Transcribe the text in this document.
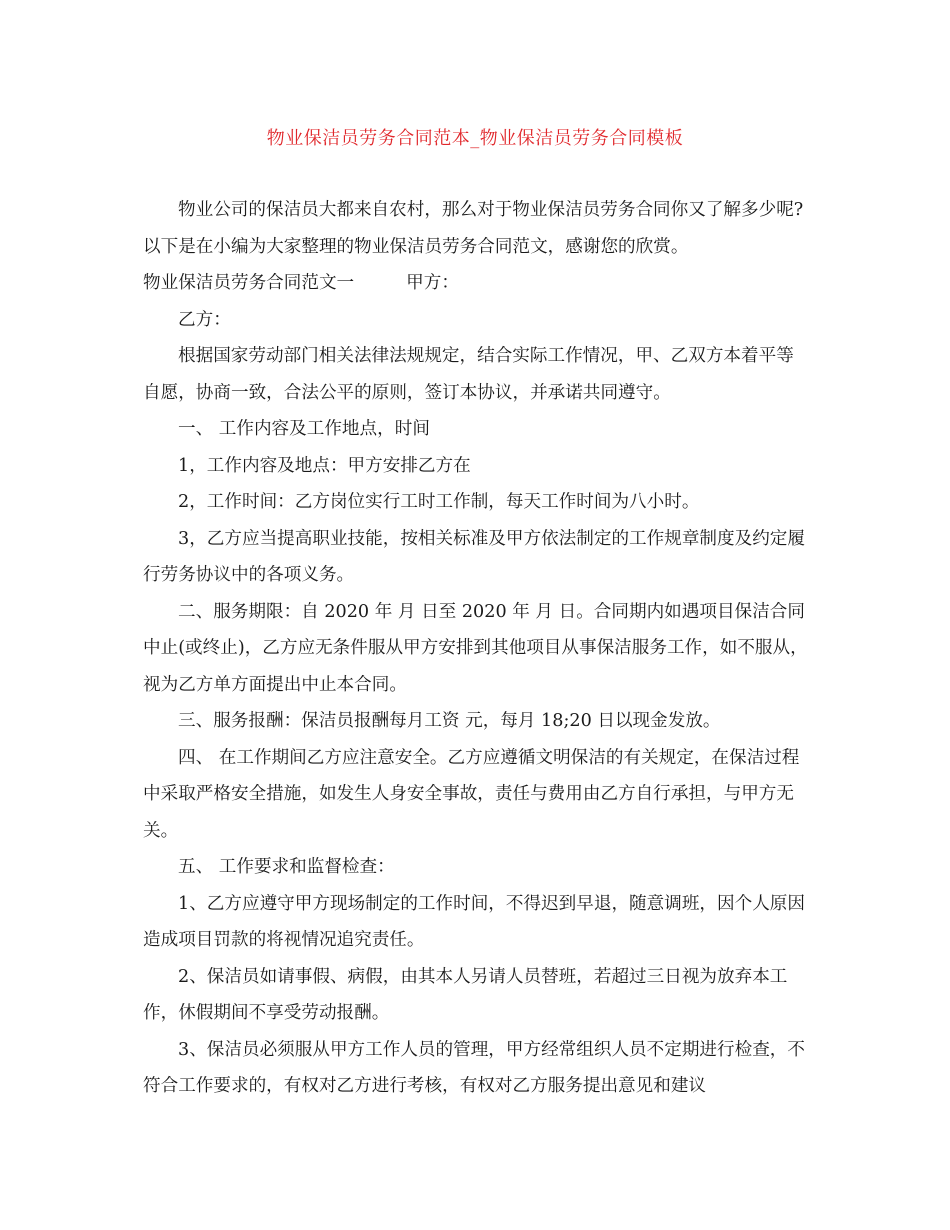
物业保洁员劳务合同范本_物业保洁员劳务合同模板

物业公司的保洁员大都来自农村，那么对于物业保洁员劳务合同你又了解多少呢?以下是在小编为大家整理的物业保洁员劳务合同范文，感谢您的欣赏。

物业保洁员劳务合同范文一	甲方：

乙方：

根据国家劳动部门相关法律法规规定，结合实际工作情况，甲、乙双方本着平等自愿，协商一致，合法公平的原则，签订本协议，并承诺共同遵守。

一、 工作内容及工作地点，时间

1，工作内容及地点：甲方安排乙方在

2，工作时间：乙方岗位实行工时工作制，每天工作时间为八小时。

3，乙方应当提高职业技能，按相关标准及甲方依法制定的工作规章制度及约定履行劳务协议中的各项义务。

二、服务期限：自 2020 年 月 日至 2020 年 月 日。合同期内如遇项目保洁合同中止(或终止)，乙方应无条件服从甲方安排到其他项目从事保洁服务工作，如不服从，视为乙方单方面提出中止本合同。

三、服务报酬：保洁员报酬每月工资 元，每月 18;20 日以现金发放。

四、 在工作期间乙方应注意安全。乙方应遵循文明保洁的有关规定，在保洁过程中采取严格安全措施，如发生人身安全事故，责任与费用由乙方自行承担，与甲方无关。

五、 工作要求和监督检查：

1、乙方应遵守甲方现场制定的工作时间，不得迟到早退，随意调班，因个人原因造成项目罚款的将视情况追究责任。

2、保洁员如请事假、病假，由其本人另请人员替班，若超过三日视为放弃本工作，休假期间不享受劳动报酬。

3、保洁员必须服从甲方工作人员的管理，甲方经常组织人员不定期进行检查，不符合工作要求的，有权对乙方进行考核，有权对乙方服务提出意见和建议
